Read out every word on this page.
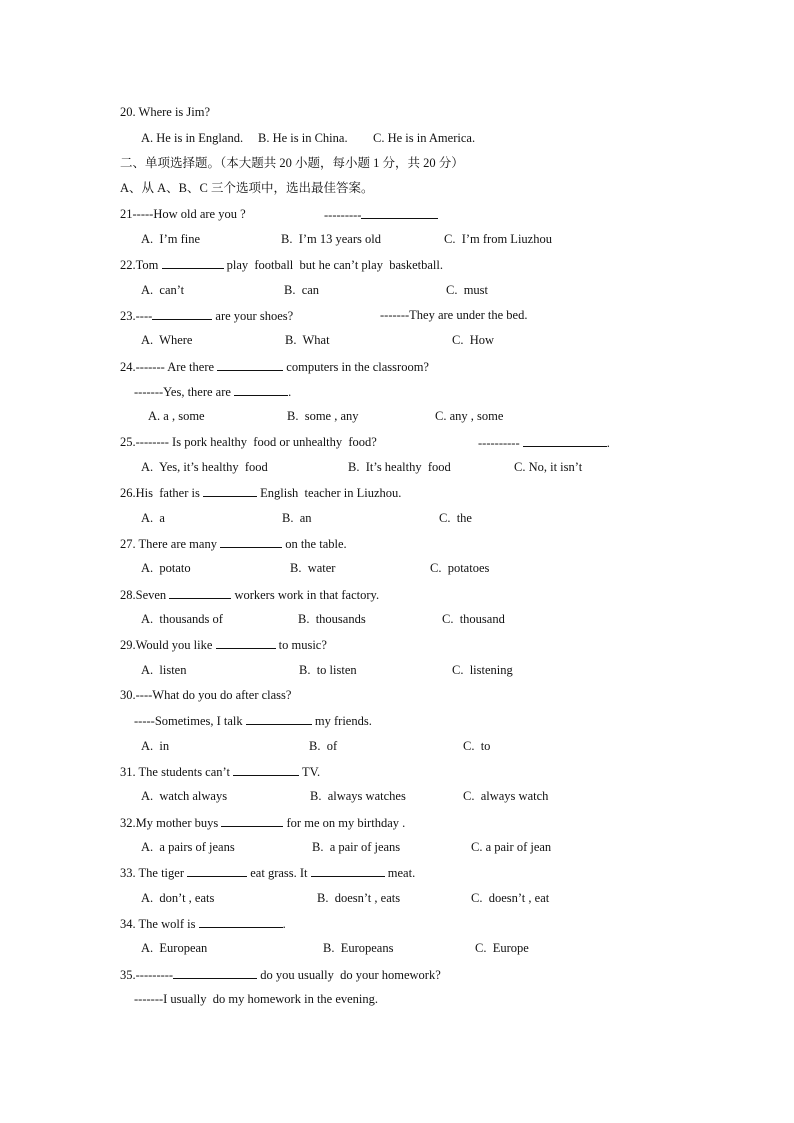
20. Where is Jim?
A. He is in England. B. He is in China. C. He is in America.
二、单项选择题。（本大题共 20 小题，每小题 1 分，共 20 分）
A、从 A、B、C 三个选项中，选出最佳答案。
21-----How old are you ?	---------
A.  I’m fine	B.  I’m 13 years old	C.  I’m from Liuzhou
22.Tom	play  football  but he can’t play  basketball.
A.  can’t	B.  can	C.  must
23.----	are your shoes?	-------They are under the bed.
A.  Where	B.  What	C.  How
24.------- Are there	computers in the classroom?
-------Yes, there are	.
A. a , some	B.  some , any	C. any , some
25.-------- Is pork healthy  food or unhealthy  food?	----------	.
A.  Yes, it’s healthy  food	B.  It’s healthy  food	C. No, it isn’t
26.His  father is	English  teacher in Liuzhou.
A.  a	B.  an	C.  the
27. There are many	on the table.
A.  potato	B.  water	C.  potatoes
28.Seven	workers work in that factory.
A.  thousands of	B.  thousands	C.  thousand
29.Would you like	to music?
A.  listen	B.  to listen	C.  listening
30.----What do you do after class?
-----Sometimes, I talk	my friends.
A.  in	B.  of	C.  to
31. The students can’t	TV.
A.  watch always	B.  always watches	C.  always watch
32.My mother buys	for me on my birthday .
A.  a pairs of jeans	B.  a pair of jeans	C. a pair of jean
33. The tiger	eat grass. It	meat.
A.  don’t , eats	B.  doesn’t , eats	C.  doesn’t , eat
34. The wolf is	.
A.  European	B.  Europeans	C.  Europe
35.---------	do you usually  do your homework?
-------I usually  do my homework in the evening.
